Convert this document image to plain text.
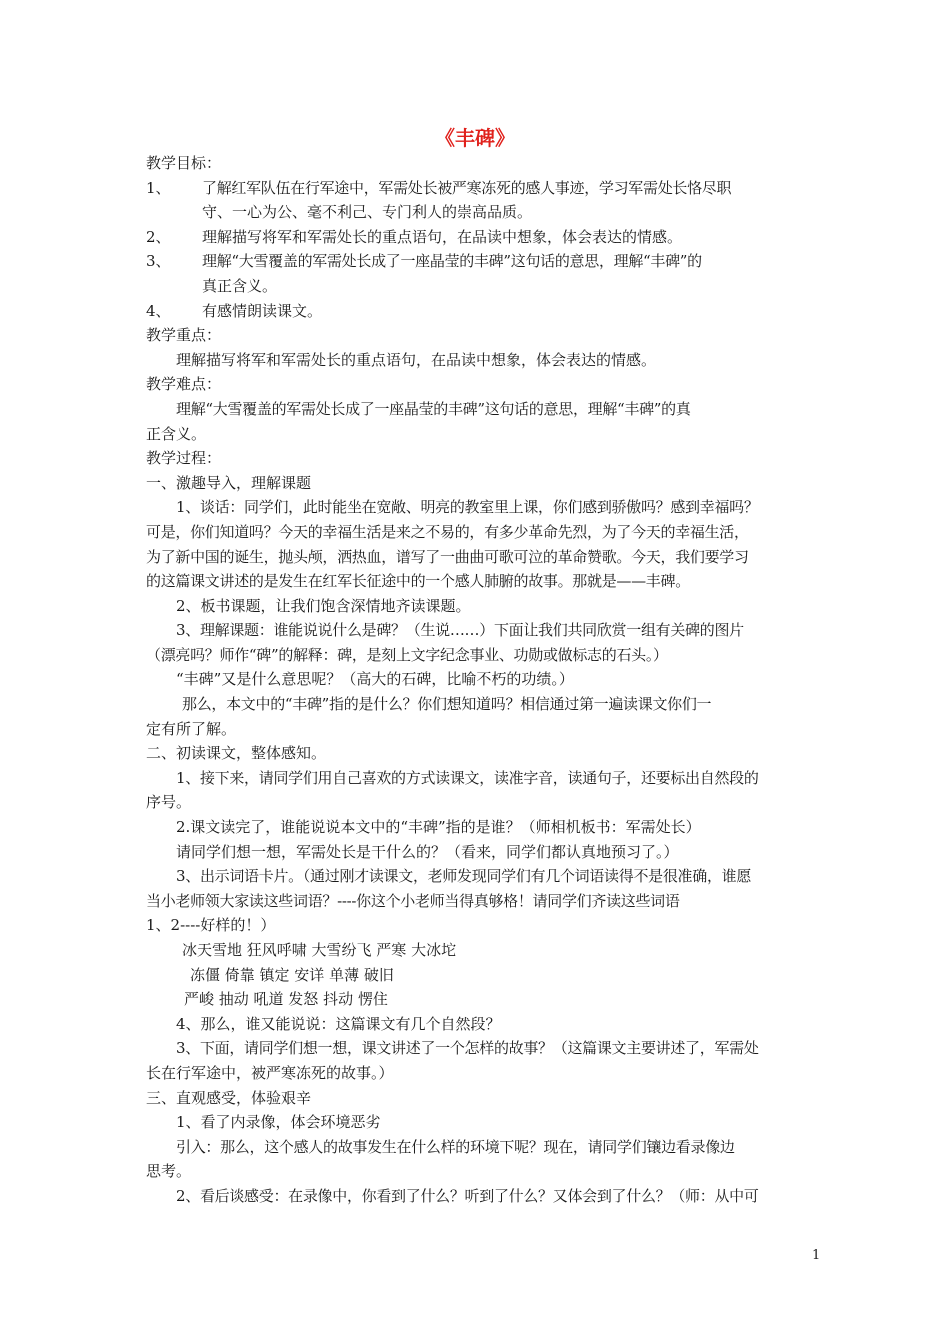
《丰碑》
教学目标：
1、 了解红军队伍在行军途中，军需处长被严寒冻死的感人事迹，学习军需处长恪尽职
守、一心为公、毫不利己、专门利人的崇高品质。
2、 理解描写将军和军需处长的重点语句，在品读中想象，体会表达的情感。
3、 理解“大雪覆盖的军需处长成了一座晶莹的丰碑”这句话的意思，理解“丰碑”的
真正含义。
4、 有感情朗读课文。
教学重点：
理解描写将军和军需处长的重点语句，在品读中想象，体会表达的情感。
教学难点：
理解“大雪覆盖的军需处长成了一座晶莹的丰碑”这句话的意思，理解“丰碑”的真
正含义。
教学过程：
一、激趣导入，理解课题
1、谈话：同学们，此时能坐在宽敞、明亮的教室里上课，你们感到骄傲吗？感到幸福吗？
可是，你们知道吗？今天的幸福生活是来之不易的，有多少革命先烈，为了今天的幸福生活，
为了新中国的诞生，抛头颅，洒热血，谱写了一曲曲可歌可泣的革命赞歌。今天，我们要学习
的这篇课文讲述的是发生在红军长征途中的一个感人肺腑的故事。那就是——丰碑。
2、板书课题，让我们饱含深情地齐读课题。
3、理解课题：谁能说说什么是碑？（生说……）下面让我们共同欣赏一组有关碑的图片
（漂亮吗？师作“碑”的解释：碑，是刻上文字纪念事业、功勋或做标志的石头。）
“丰碑”又是什么意思呢？（高大的石碑，比喻不朽的功绩。）
那么，本文中的“丰碑”指的是什么？你们想知道吗？相信通过第一遍读课文你们一
定有所了解。
二、初读课文，整体感知。
1、接下来，请同学们用自己喜欢的方式读课文，读准字音，读通句子，还要标出自然段的
序号。
2.课文读完了，谁能说说本文中的“丰碑”指的是谁？（师相机板书：军需处长）
请同学们想一想，军需处长是干什么的？（看来，同学们都认真地预习了。）
3、出示词语卡片。（通过刚才读课文，老师发现同学们有几个词语读得不是很准确，谁愿
当小老师领大家读这些词语？----你这个小老师当得真够格！请同学们齐读这些词语
1、2----好样的！）
冰天雪地 狂风呼啸 大雪纷飞 严寒 大冰坨
冻僵 倚靠 镇定 安详 单薄 破旧
严峻 抽动 吼道 发怒 抖动 愣住
4、那么，谁又能说说：这篇课文有几个自然段？
3、下面，请同学们想一想，课文讲述了一个怎样的故事？（这篇课文主要讲述了，军需处
长在行军途中，被严寒冻死的故事。）
三、直观感受，体验艰辛
1、看了内录像，体会环境恶劣
引入：那么，这个感人的故事发生在什么样的环境下呢？现在，请同学们镶边看录像边
思考。
2、看后谈感受：在录像中，你看到了什么？听到了什么？又体会到了什么？（师：从中可
1
